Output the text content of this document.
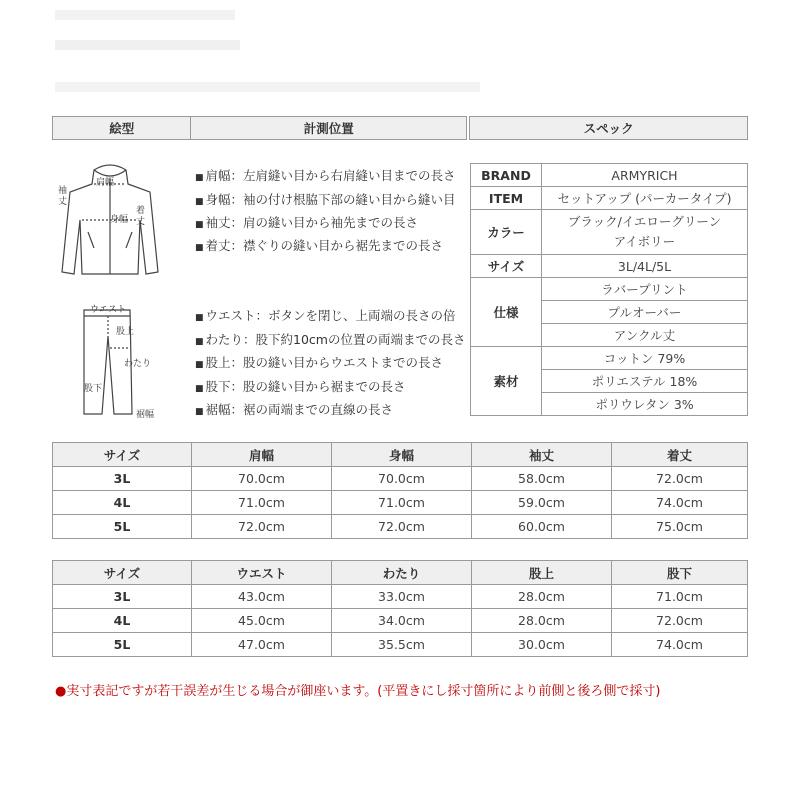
絵型	計測位置		スペック
肩幅
袖
丈
身幅
着
丈
ウエスト
股上
わたり
股下
裾幅
■ 肩幅：左肩縫い目から右肩縫い目までの長さ
■ 身幅：袖の付け根脇下部の縫い目から縫い目
■ 袖丈：肩の縫い目から袖先までの長さ
■ 着丈：襟ぐりの縫い目から裾先までの長さ
■ ウエスト：ボタンを閉じ、上両端の長さの倍
■ わたり：股下約10cmの位置の両端までの長さ
■ 股上：股の縫い目からウエストまでの長さ
■ 股下：股の縫い目から裾までの長さ
■ 裾幅：裾の両端までの直線の長さ
BRAND	ARMYRICH
ITEM	セットアップ (パーカータイプ)
カラー	ブラック/イエローグリーン
アイボリー

サイズ	3L/4L/5L
仕様	ラバープリント
	プルオーバー
	アンクル丈
素材	コットン 79%
	ポリエステル 18%
	ポリウレタン 3%
サイズ	肩幅	身幅	袖丈	着丈
3L	70.0cm	70.0cm	58.0cm	72.0cm
4L	71.0cm	71.0cm	59.0cm	74.0cm
5L	72.0cm	72.0cm	60.0cm	75.0cm
サイズ	ウエスト	わたり	股上	股下
3L	43.0cm	33.0cm	28.0cm	71.0cm
4L	45.0cm	34.0cm	28.0cm	72.0cm
5L	47.0cm	35.5cm	30.0cm	74.0cm
●実寸表記ですが若干誤差が生じる場合が御座います。(平置きにし採寸箇所により前側と後ろ側で採寸)
